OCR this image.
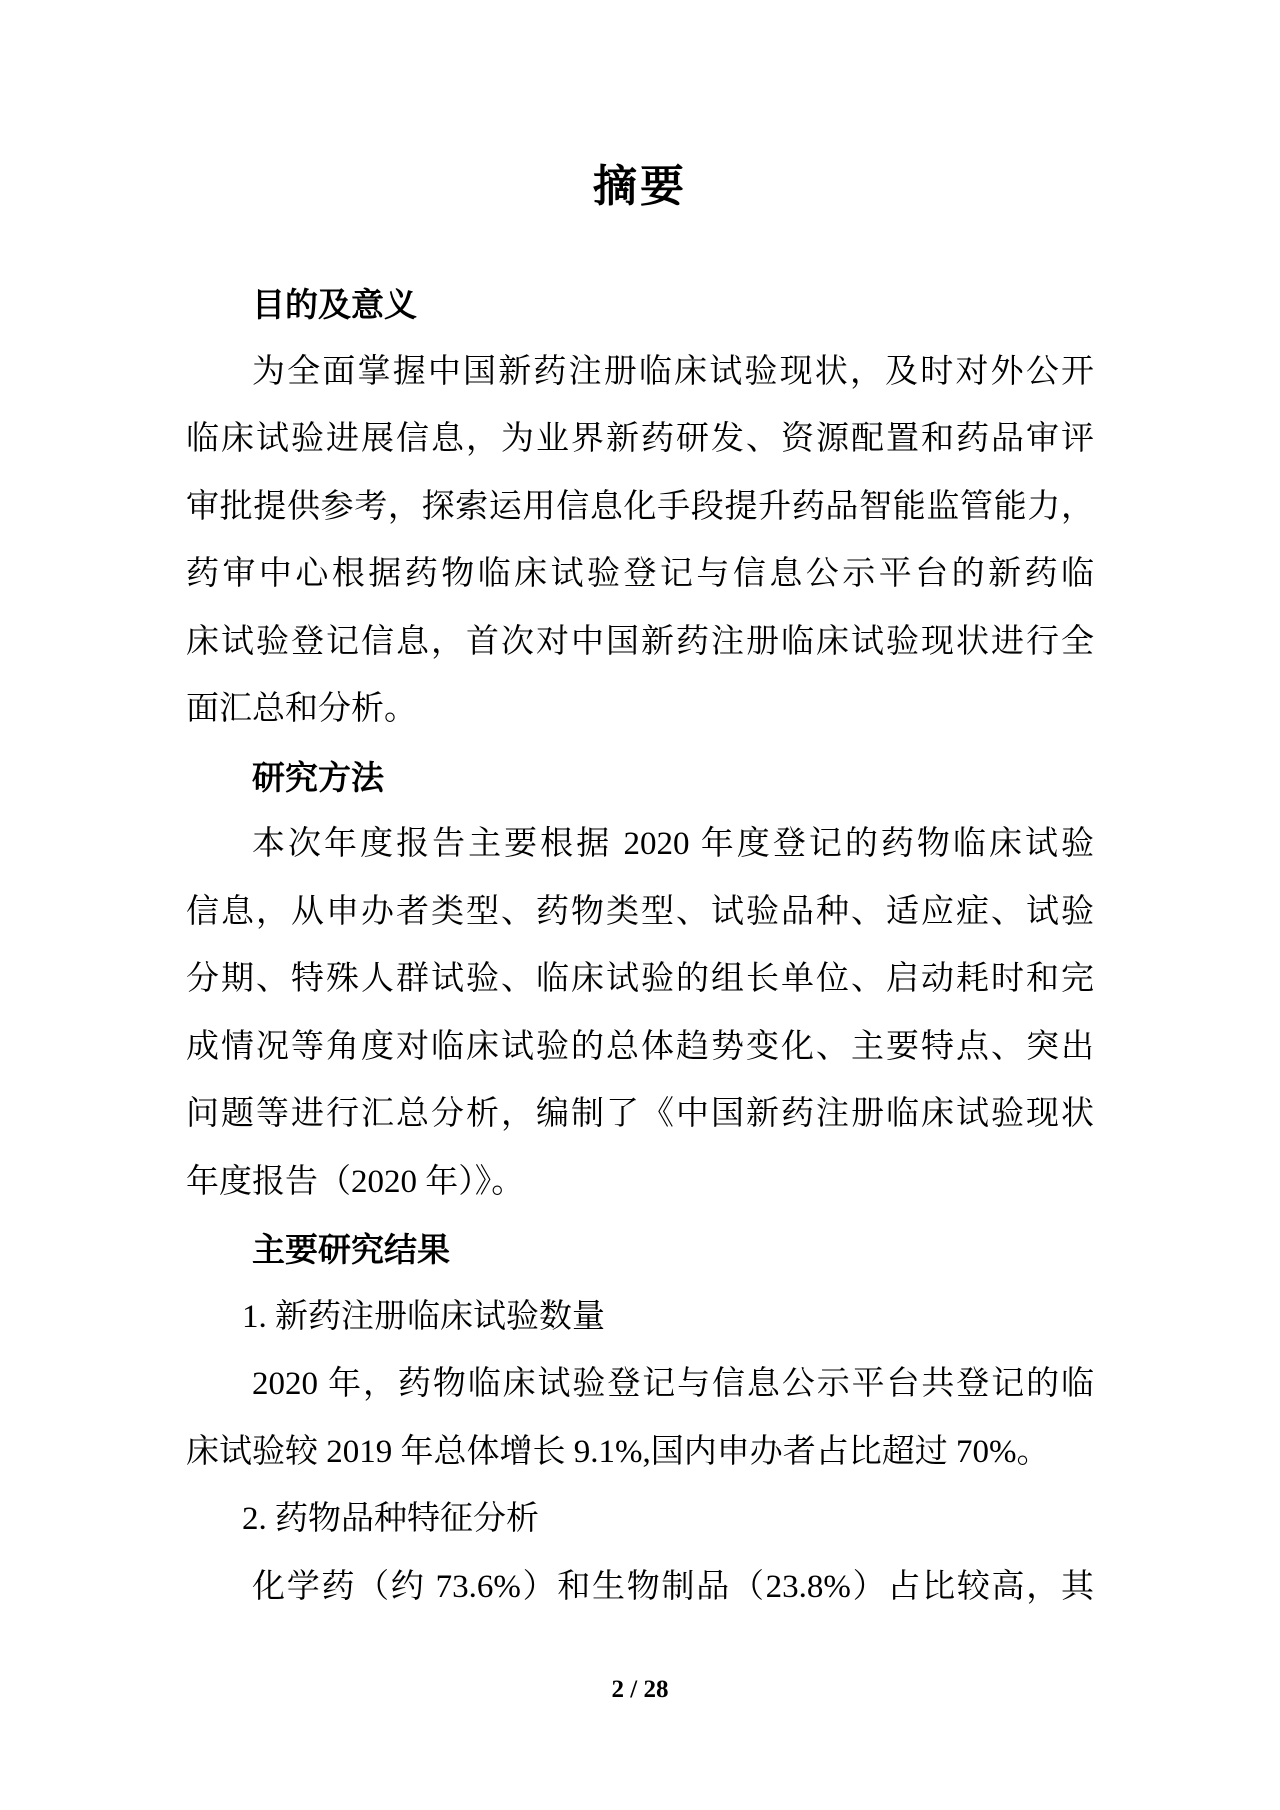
摘要
目的及意义

为全面掌握中国新药注册临床试验现状，及时对外公开

临床试验进展信息，为业界新药研发、资源配置和药品审评

审批提供参考，探索运用信息化手段提升药品智能监管能力，

药审中心根据药物临床试验登记与信息公示平台的新药临

床试验登记信息，首次对中国新药注册临床试验现状进行全

面汇总和分析。

研究方法

本次年度报告主要根据 2020 年度登记的药物临床试验

信息，从申办者类型、药物类型、试验品种、适应症、试验

分期、特殊人群试验、临床试验的组长单位、启动耗时和完

成情况等角度对临床试验的总体趋势变化、主要特点、突出

问题等进行汇总分析，编制了《中国新药注册临床试验现状

年度报告（2020 年）》。

主要研究结果

1. 新药注册临床试验数量

2020 年，药物临床试验登记与信息公示平台共登记的临

床试验较 2019 年总体增长 9.1%,国内申办者占比超过 70%。

2. 药物品种特征分析

化学药（约 73.6%）和生物制品（23.8%）占比较高，其

2 / 28
